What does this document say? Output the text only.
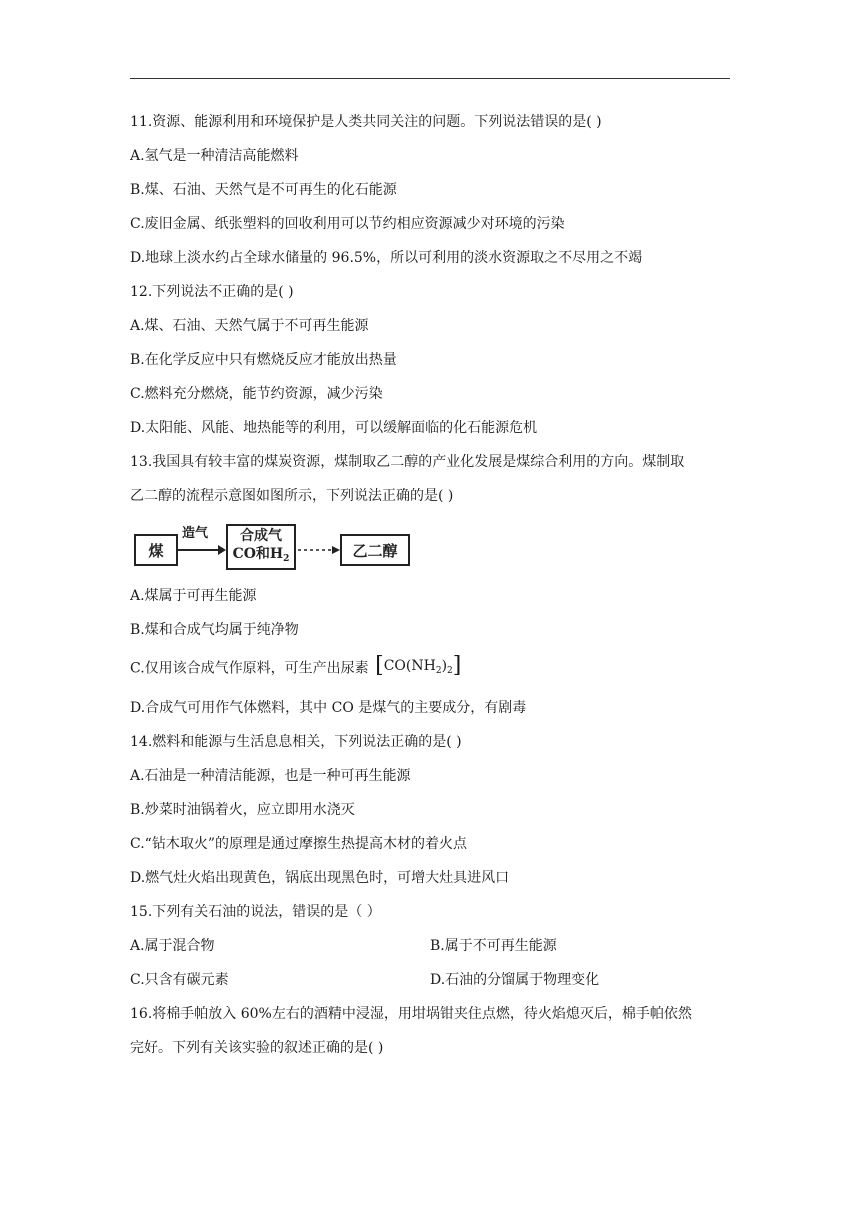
11.资源、能源利用和环境保护是人类共同关注的问题。下列说法错误的是( )
A.氢气是一种清洁高能燃料
B.煤、石油、天然气是不可再生的化石能源
C.废旧金属、纸张塑料的回收利用可以节约相应资源减少对环境的污染
D.地球上淡水约占全球水储量的 96.5%，所以可利用的淡水资源取之不尽用之不竭
12.下列说法不正确的是( )
A.煤、石油、天然气属于不可再生能源
B.在化学反应中只有燃烧反应才能放出热量
C.燃料充分燃烧，能节约资源，减少污染
D.太阳能、风能、地热能等的利用，可以缓解面临的化石能源危机
13.我国具有较丰富的煤炭资源，煤制取乙二醇的产业化发展是煤综合利用的方向。煤制取
乙二醇的流程示意图如图所示，下列说法正确的是( )
煤
造气 合成气
CO和$H_2$	乙二醇
A.煤属于可再生能源
B.煤和合成气均属于纯净物
C.仅用该合成气作原料，可生产出尿素 $[CO(NH_2)_2]$
D.合成气可用作气体燃料，其中 CO 是煤气的主要成分，有剧毒
14.燃料和能源与生活息息相关，下列说法正确的是( )
A.石油是一种清洁能源，也是一种可再生能源
B.炒菜时油锅着火，应立即用水浇灭
C.“钻木取火”的原理是通过摩擦生热提高木材的着火点
D.燃气灶火焰出现黄色，锅底出现黑色时，可增大灶具进风口
15.下列有关石油的说法，错误的是（ ）
A.属于混合物	B.属于不可再生能源
C.只含有碳元素	D.石油的分馏属于物理变化
16.将棉手帕放入 60%左右的酒精中浸湿，用坩埚钳夹住点燃，待火焰熄灭后，棉手帕依然
完好。下列有关该实验的叙述正确的是( )
